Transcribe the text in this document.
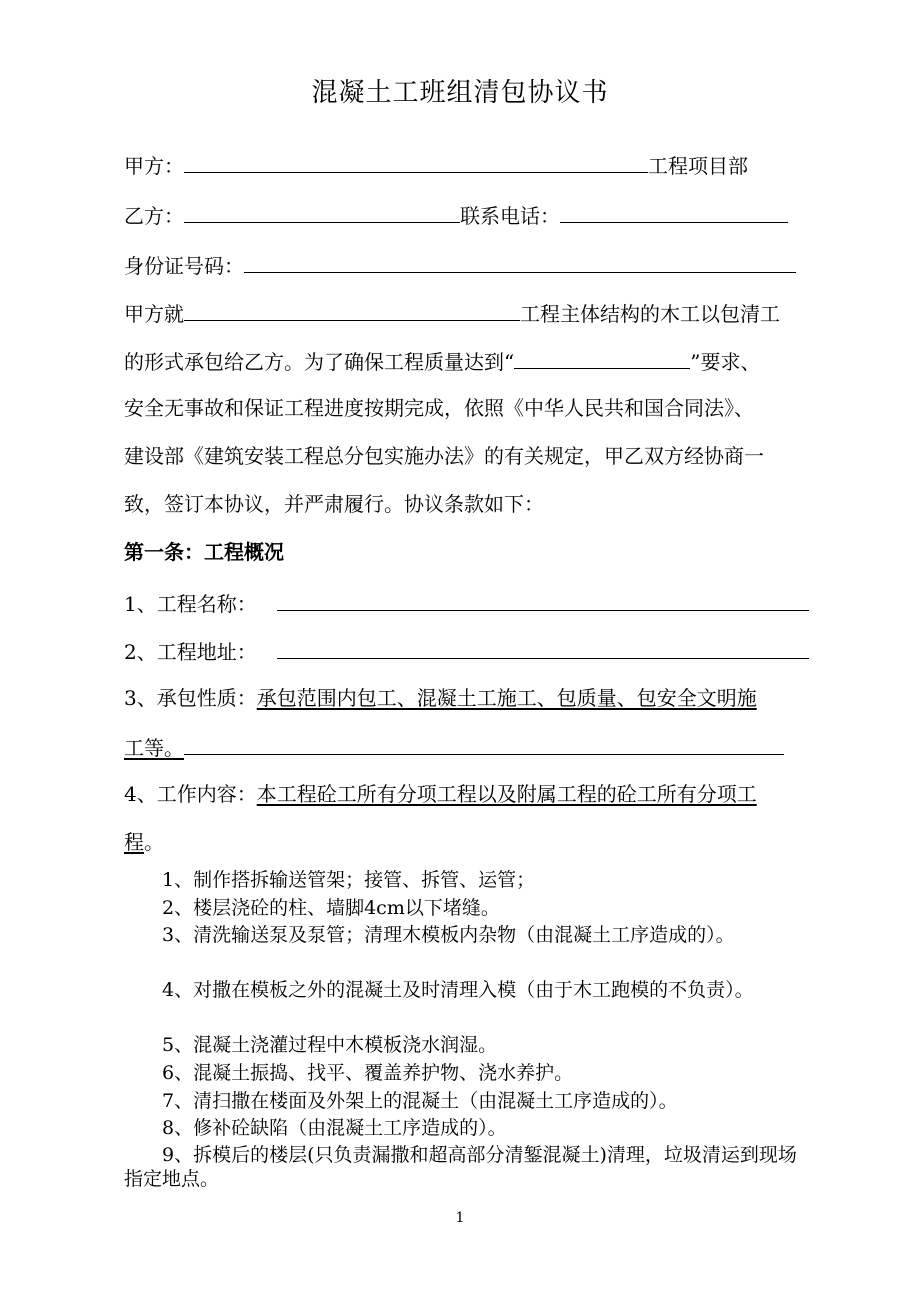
混凝土工班组清包协议书
甲方：	工程项目部
乙方：	联系电话：
身份证号码：
甲方就	工程主体结构的木工以包清工
的形式承包给乙方。为了确保工程质量达到“	”要求、
安全无事故和保证工程进度按期完成，依照《中华人民共和国合同法》、
建设部《建筑安装工程总分包实施办法》的有关规定，甲乙双方经协商一
致，签订本协议，并严肃履行。协议条款如下：
第一条：工程概况
1、工程名称：
2、工程地址：
3、承包性质：承包范围内包工、混凝土工施工、包质量、包安全文明施
工等。
4、工作内容：本工程砼工所有分项工程以及附属工程的砼工所有分项工
程。
1、制作搭拆输送管架；接管、拆管、运管；
2、楼层浇砼的柱、墙脚4cm以下堵缝。
3、清洗输送泵及泵管；清理木模板内杂物（由混凝土工序造成的）。
4、对撒在模板之外的混凝土及时清理入模（由于木工跑模的不负责）。
5、混凝土浇灌过程中木模板浇水润湿。
6、混凝土振捣、找平、覆盖养护物、浇水养护。
7、清扫撒在楼面及外架上的混凝土（由混凝土工序造成的）。
8、修补砼缺陷（由混凝土工序造成的）。
9、拆模后的楼层(只负责漏撒和超高部分清錾混凝土)清理，垃圾清运到现场指定地点。
1
